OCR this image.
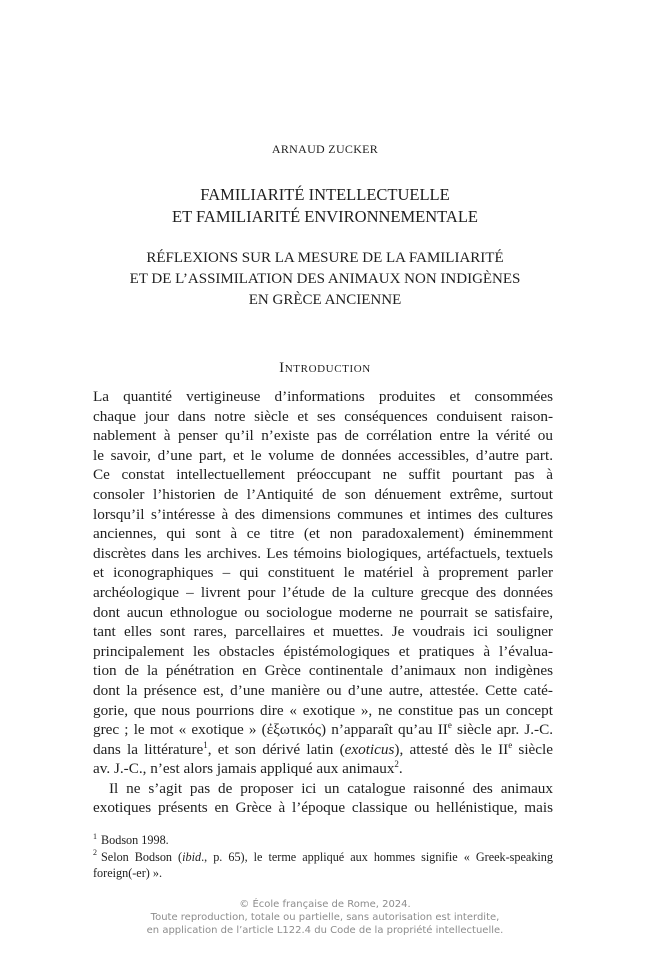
ARNAUD ZUCKER
FAMILIARITÉ INTELLECTUELLE
ET FAMILIARITÉ ENVIRONNEMENTALE
RÉFLEXIONS SUR LA MESURE DE LA FAMILIARITÉ
ET DE L’ASSIMILATION DES ANIMAUX NON INDIGÈNES
EN GRÈCE ANCIENNE
Introduction
La quantité vertigineuse d’informations produites et consommées
chaque jour dans notre siècle et ses conséquences conduisent raison-
nablement à penser qu’il n’existe pas de corrélation entre la vérité ou
le savoir, d’une part, et le volume de données accessibles, d’autre part.
Ce constat intellectuellement préoccupant ne suffit pourtant pas à
consoler l’historien de l’Antiquité de son dénuement extrême, surtout
lorsqu’il s’intéresse à des dimensions communes et intimes des cultures
anciennes, qui sont à ce titre (et non paradoxalement) éminemment
discrètes dans les archives. Les témoins biologiques, artéfactuels, textuels
et iconographiques – qui constituent le matériel à proprement parler
archéologique – livrent pour l’étude de la culture grecque des données
dont aucun ethnologue ou sociologue moderne ne pourrait se satisfaire,
tant elles sont rares, parcellaires et muettes. Je voudrais ici souligner
principalement les obstacles épistémologiques et pratiques à l’évalua-
tion de la pénétration en Grèce continentale d’animaux non indigènes
dont la présence est, d’une manière ou d’une autre, attestée. Cette caté-
gorie, que nous pourrions dire « exotique », ne constitue pas un concept
grec ; le mot « exotique » (ἐξωτικός) n’apparaît qu’au IIe siècle apr. J.-C.
dans la littérature$^1$, et son dérivé latin (exoticus), attesté dès le IIe siècle
av. J.-C., n’est alors jamais appliqué aux animaux$^2$.
Il ne s’agit pas de proposer ici un catalogue raisonné des animaux
exotiques présents en Grèce à l’époque classique ou hellénistique, mais
$^1$ Bodson 1998.
$^2$ Selon Bodson (ibid., p. 65), le terme appliqué aux hommes signifie « Greek-speaking
foreign(-er) ».
© École française de Rome, 2024.
Toute reproduction, totale ou partielle, sans autorisation est interdite,
en application de l’article L122.4 du Code de la propriété intellectuelle.
